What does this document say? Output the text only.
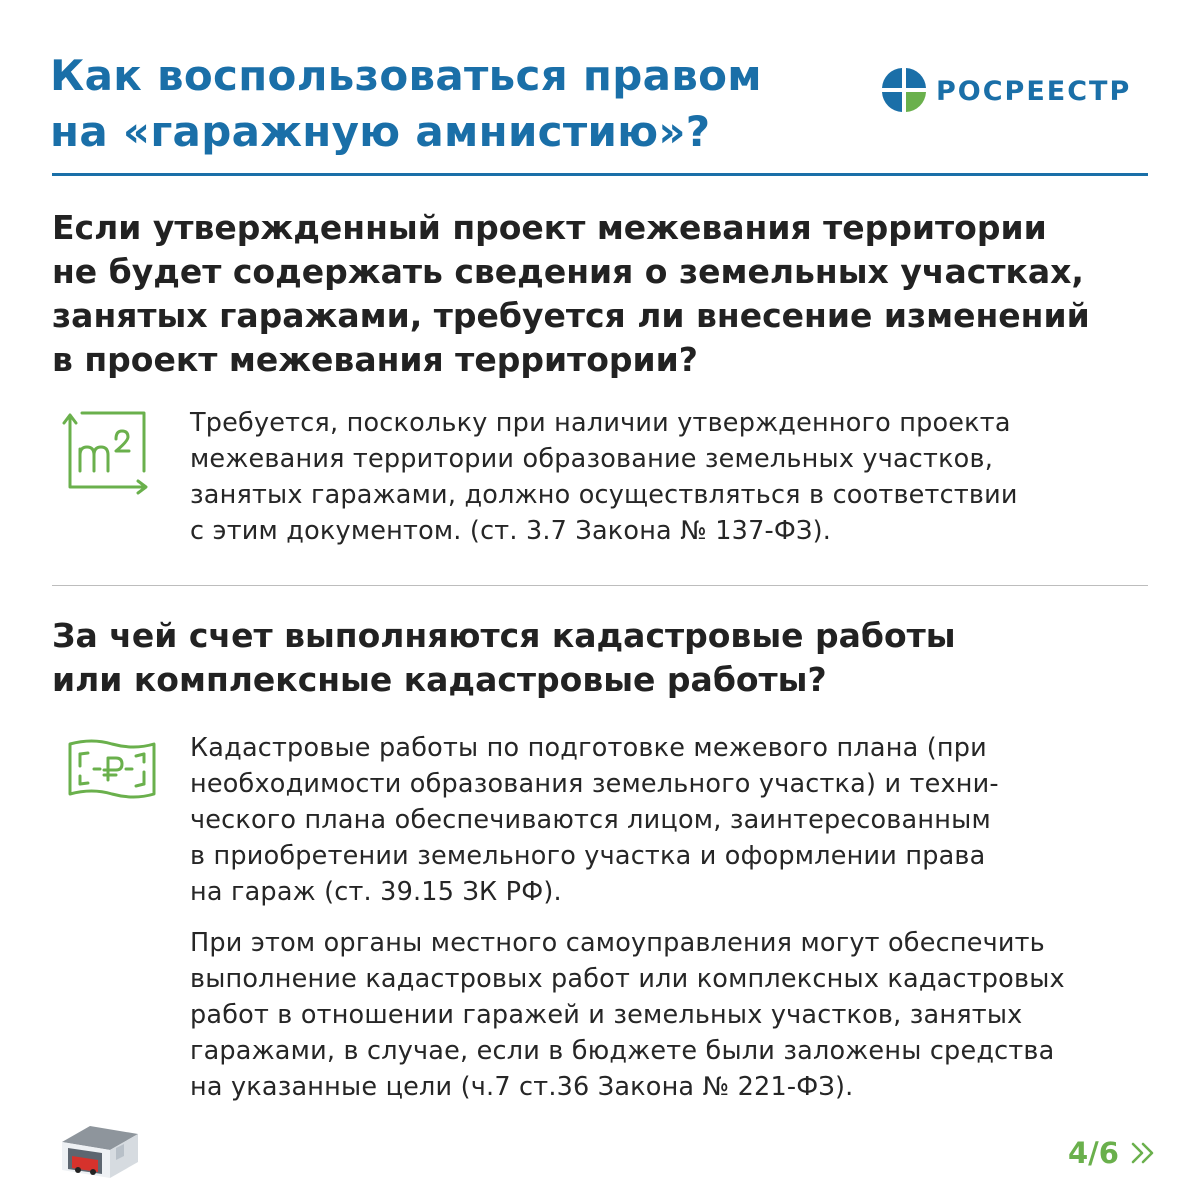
Как воспользоваться правом
на «гаражную амнистию»?
РОСРЕЕСТР
Если утвержденный проект межевания территории
не будет содержать сведения о земельных участках,
занятых гаражами, требуется ли внесение изменений
в проект межевания территории?

Требуется, поскольку при наличии утвержденного проекта
межевания территории образование земельных участков,
занятых гаражами, должно осуществляться в соответствии
с этим документом. (ст. 3.7 Закона № 137-ФЗ).

За чей счет выполняются кадастровые работы
или комплексные кадастровые работы?

Кадастровые работы по подготовке межевого плана (при
необходимости образования земельного участка) и техни-
ческого плана обеспечиваются лицом, заинтересованным
в приобретении земельного участка и оформлении права
на гараж (ст. 39.15 ЗК РФ).

При этом органы местного самоуправления могут обеспечить
выполнение кадастровых работ или комплексных кадастровых
работ в отношении гаражей и земельных участков, занятых
гаражами, в случае, если в бюджете были заложены средства
на указанные цели (ч.7 ст.36 Закона № 221-ФЗ).

4/6
